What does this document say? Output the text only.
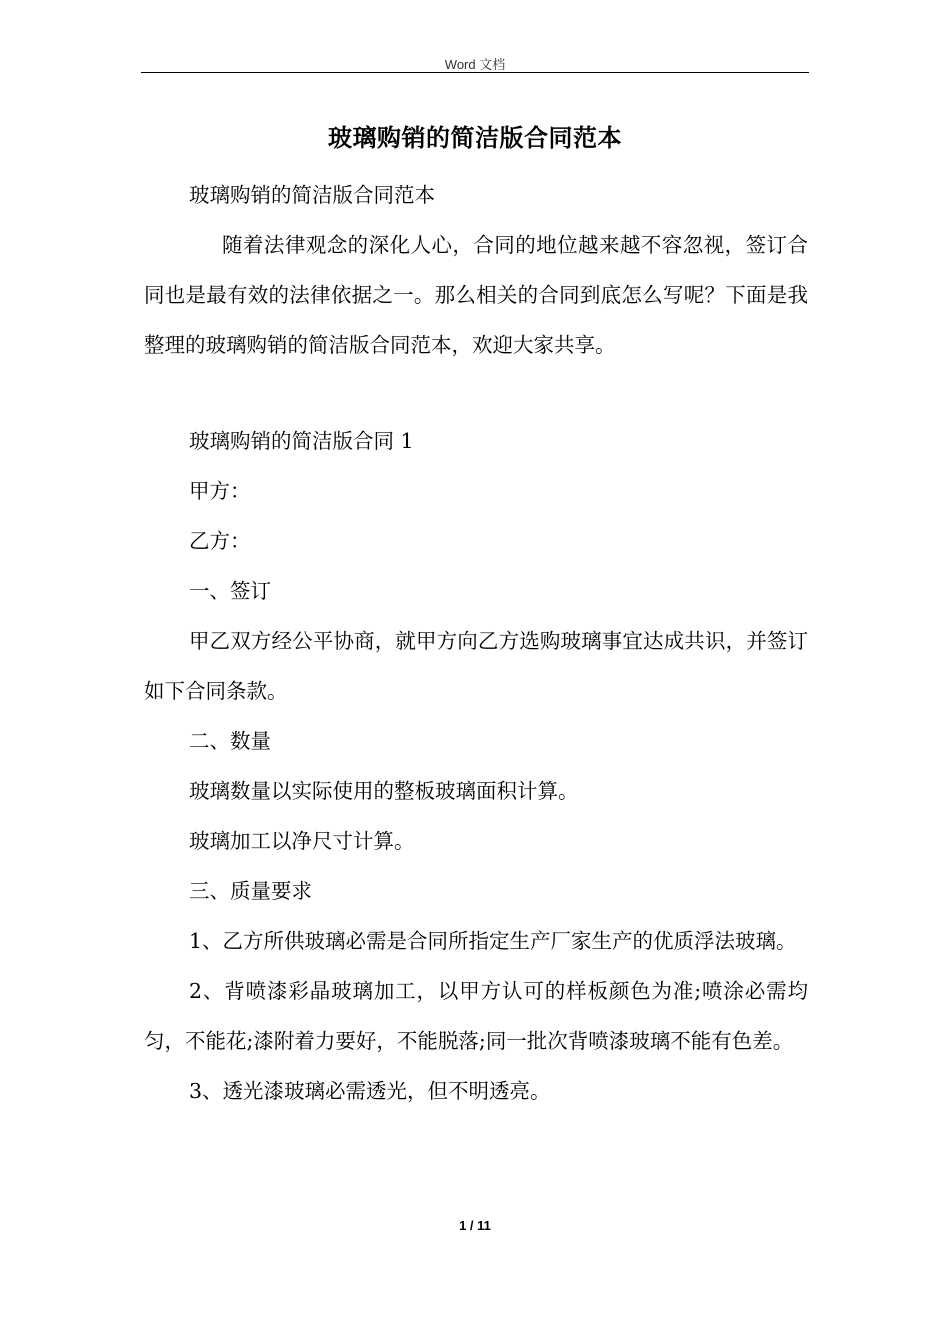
Word 文档
玻璃购销的简洁版合同范本

玻璃购销的简洁版合同范本

随着法律观念的深化人心，合同的地位越来越不容忽视，签订合同也是最有效的法律依据之一。那么相关的合同到底怎么写呢？下面是我整理的玻璃购销的简洁版合同范本，欢迎大家共享。

玻璃购销的简洁版合同 1

甲方：

乙方：

一、签订

甲乙双方经公平协商，就甲方向乙方选购玻璃事宜达成共识，并签订如下合同条款。

二、数量

玻璃数量以实际使用的整板玻璃面积计算。

玻璃加工以净尺寸计算。

三、质量要求

1、乙方所供玻璃必需是合同所指定生产厂家生产的优质浮法玻璃。

2、背喷漆彩晶玻璃加工，以甲方认可的样板颜色为准;喷涂必需均匀，不能花;漆附着力要好，不能脱落;同一批次背喷漆玻璃不能有色差。

3、透光漆玻璃必需透光，但不明透亮。

1 / 11
